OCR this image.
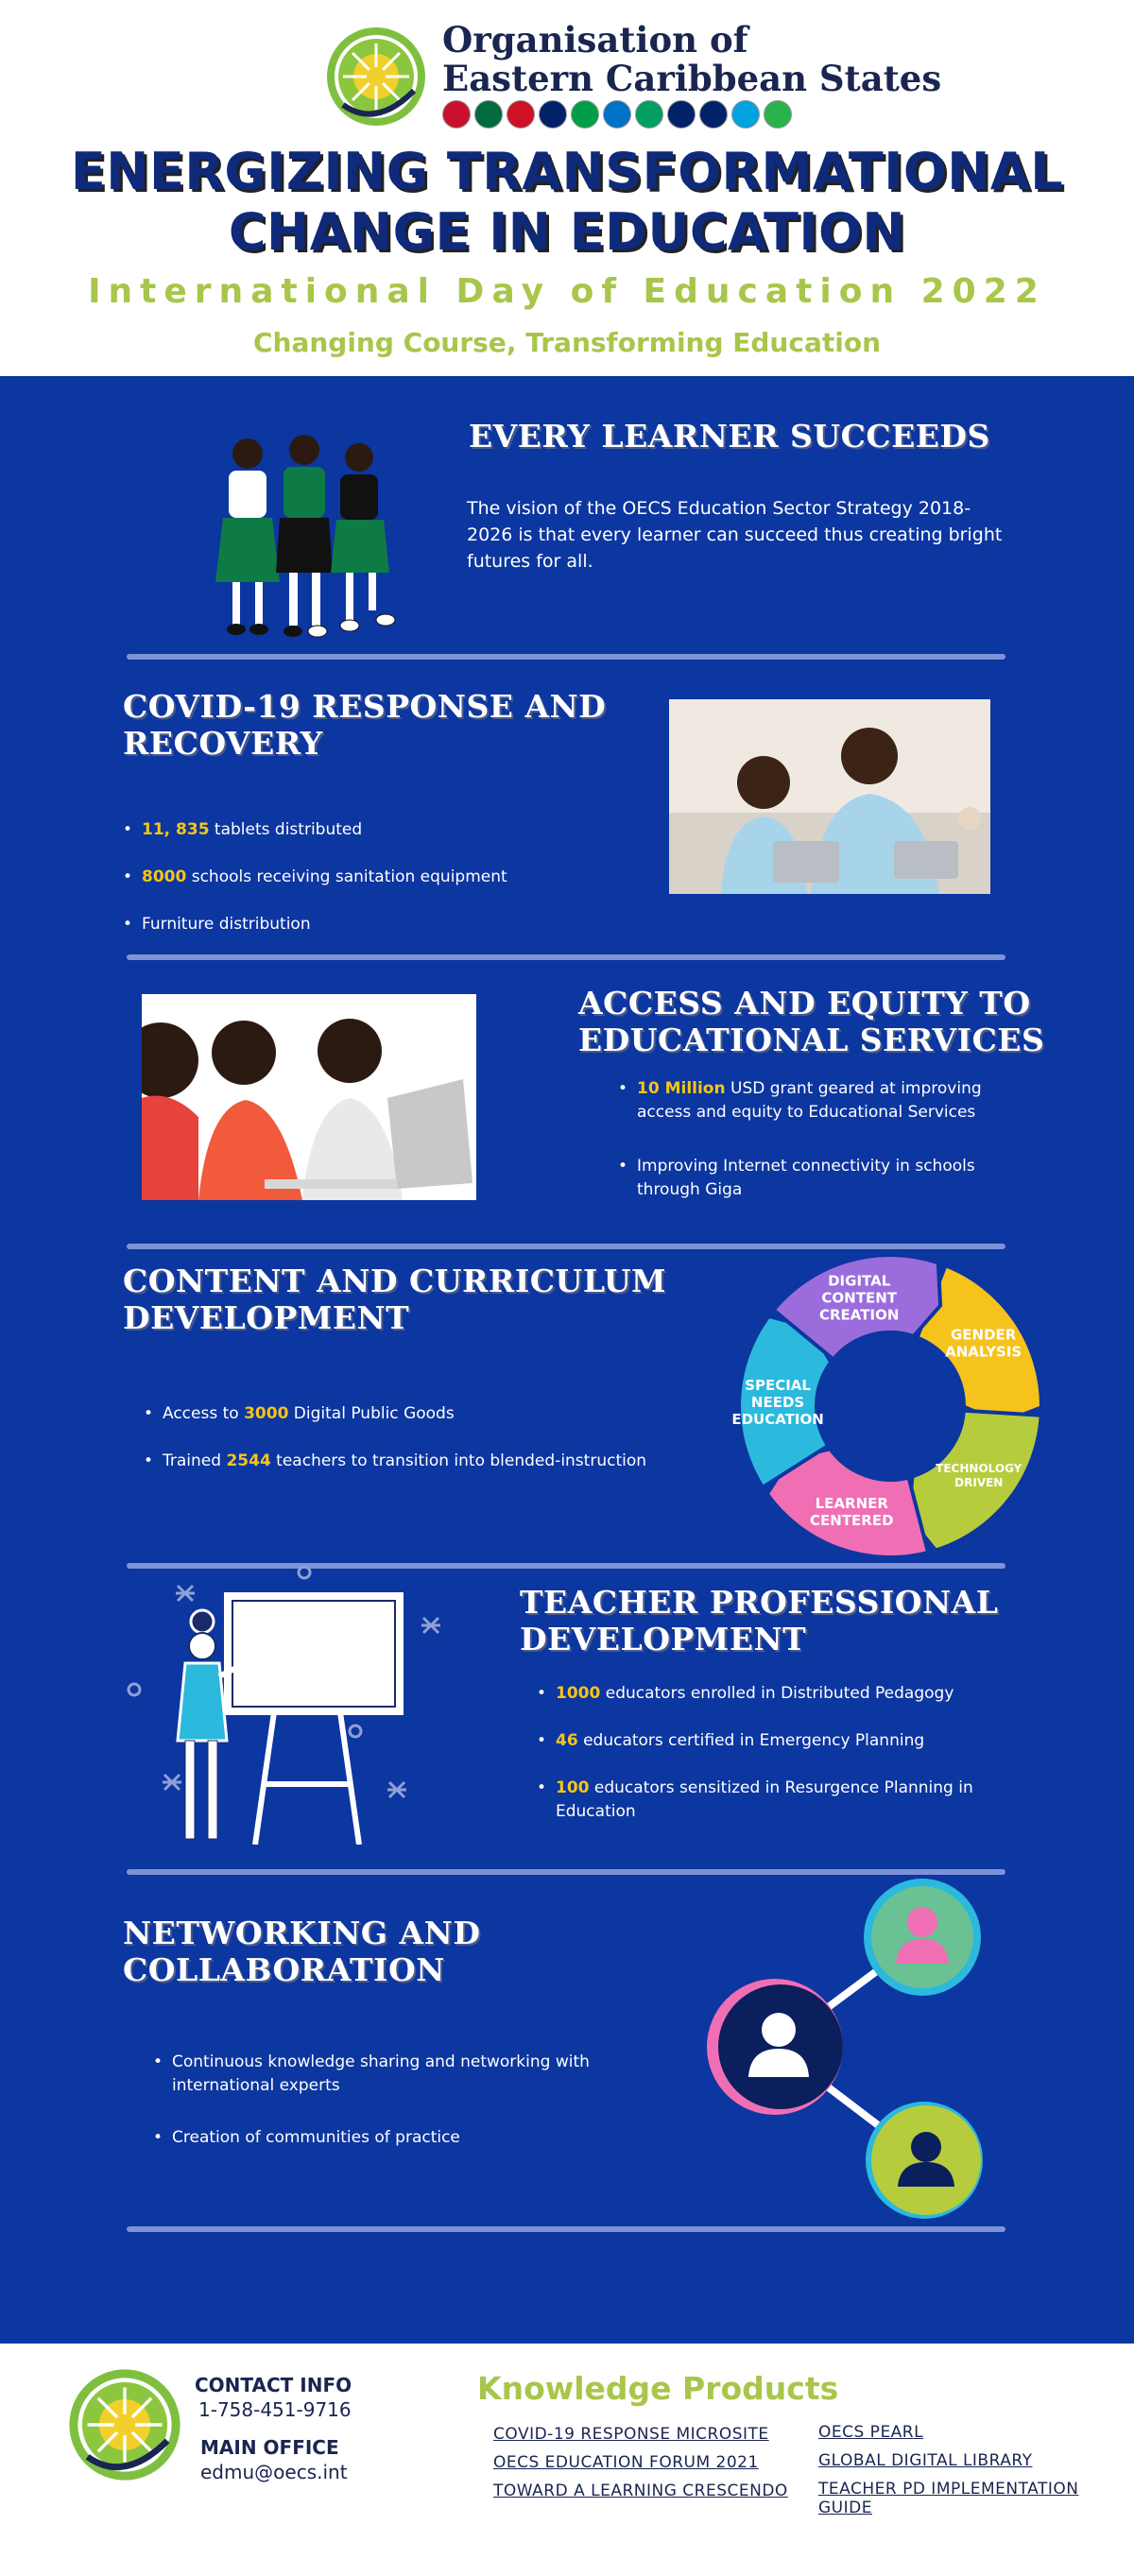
Organisation of
Eastern Caribbean States
ENERGIZING TRANSFORMATIONAL
CHANGE IN EDUCATION
International Day of Education 2022
Changing Course, Transforming Education
EVERY LEARNER SUCCEEDS
The vision of the OECS Education Sector Strategy 2018-2026 is that every learner can succeed thus creating bright futures for all.
COVID-19 RESPONSE AND
RECOVERY
• 11, 835 tablets distributed
• 8000 schools receiving sanitation equipment
• Furniture distribution
ACCESS AND EQUITY TO
EDUCATIONAL SERVICES
• 10 Million USD grant geared at improving access and equity to Educational Services
• Improving Internet connectivity in schools through Giga
CONTENT AND CURRICULUM
DEVELOPMENT
• Access to 3000 Digital Public Goods
• Trained 2544 teachers to transition into blended-instruction
GENDER ANALYSIS
TECHNOLOGY DRIVEN
LEARNER CENTERED
SPECIAL NEEDS EDUCATION
DIGITAL CONTENT CREATION
TEACHER PROFESSIONAL
DEVELOPMENT
• 1000 educators enrolled in Distributed Pedagogy
• 46 educators certified in Emergency Planning
• 100 educators sensitized in Resurgence Planning in Education
NETWORKING AND
COLLABORATION
• Continuous knowledge sharing and networking with international experts
• Creation of communities of practice
CONTACT INFO
1-758-451-9716
MAIN OFFICE
edmu@oecs.int
Knowledge Products
COVID-19 RESPONSE MICROSITE
OECS EDUCATION FORUM 2021
TOWARD A LEARNING CRESCENDO
OECS PEARL
GLOBAL DIGITAL LIBRARY
TEACHER PD IMPLEMENTATION GUIDE
